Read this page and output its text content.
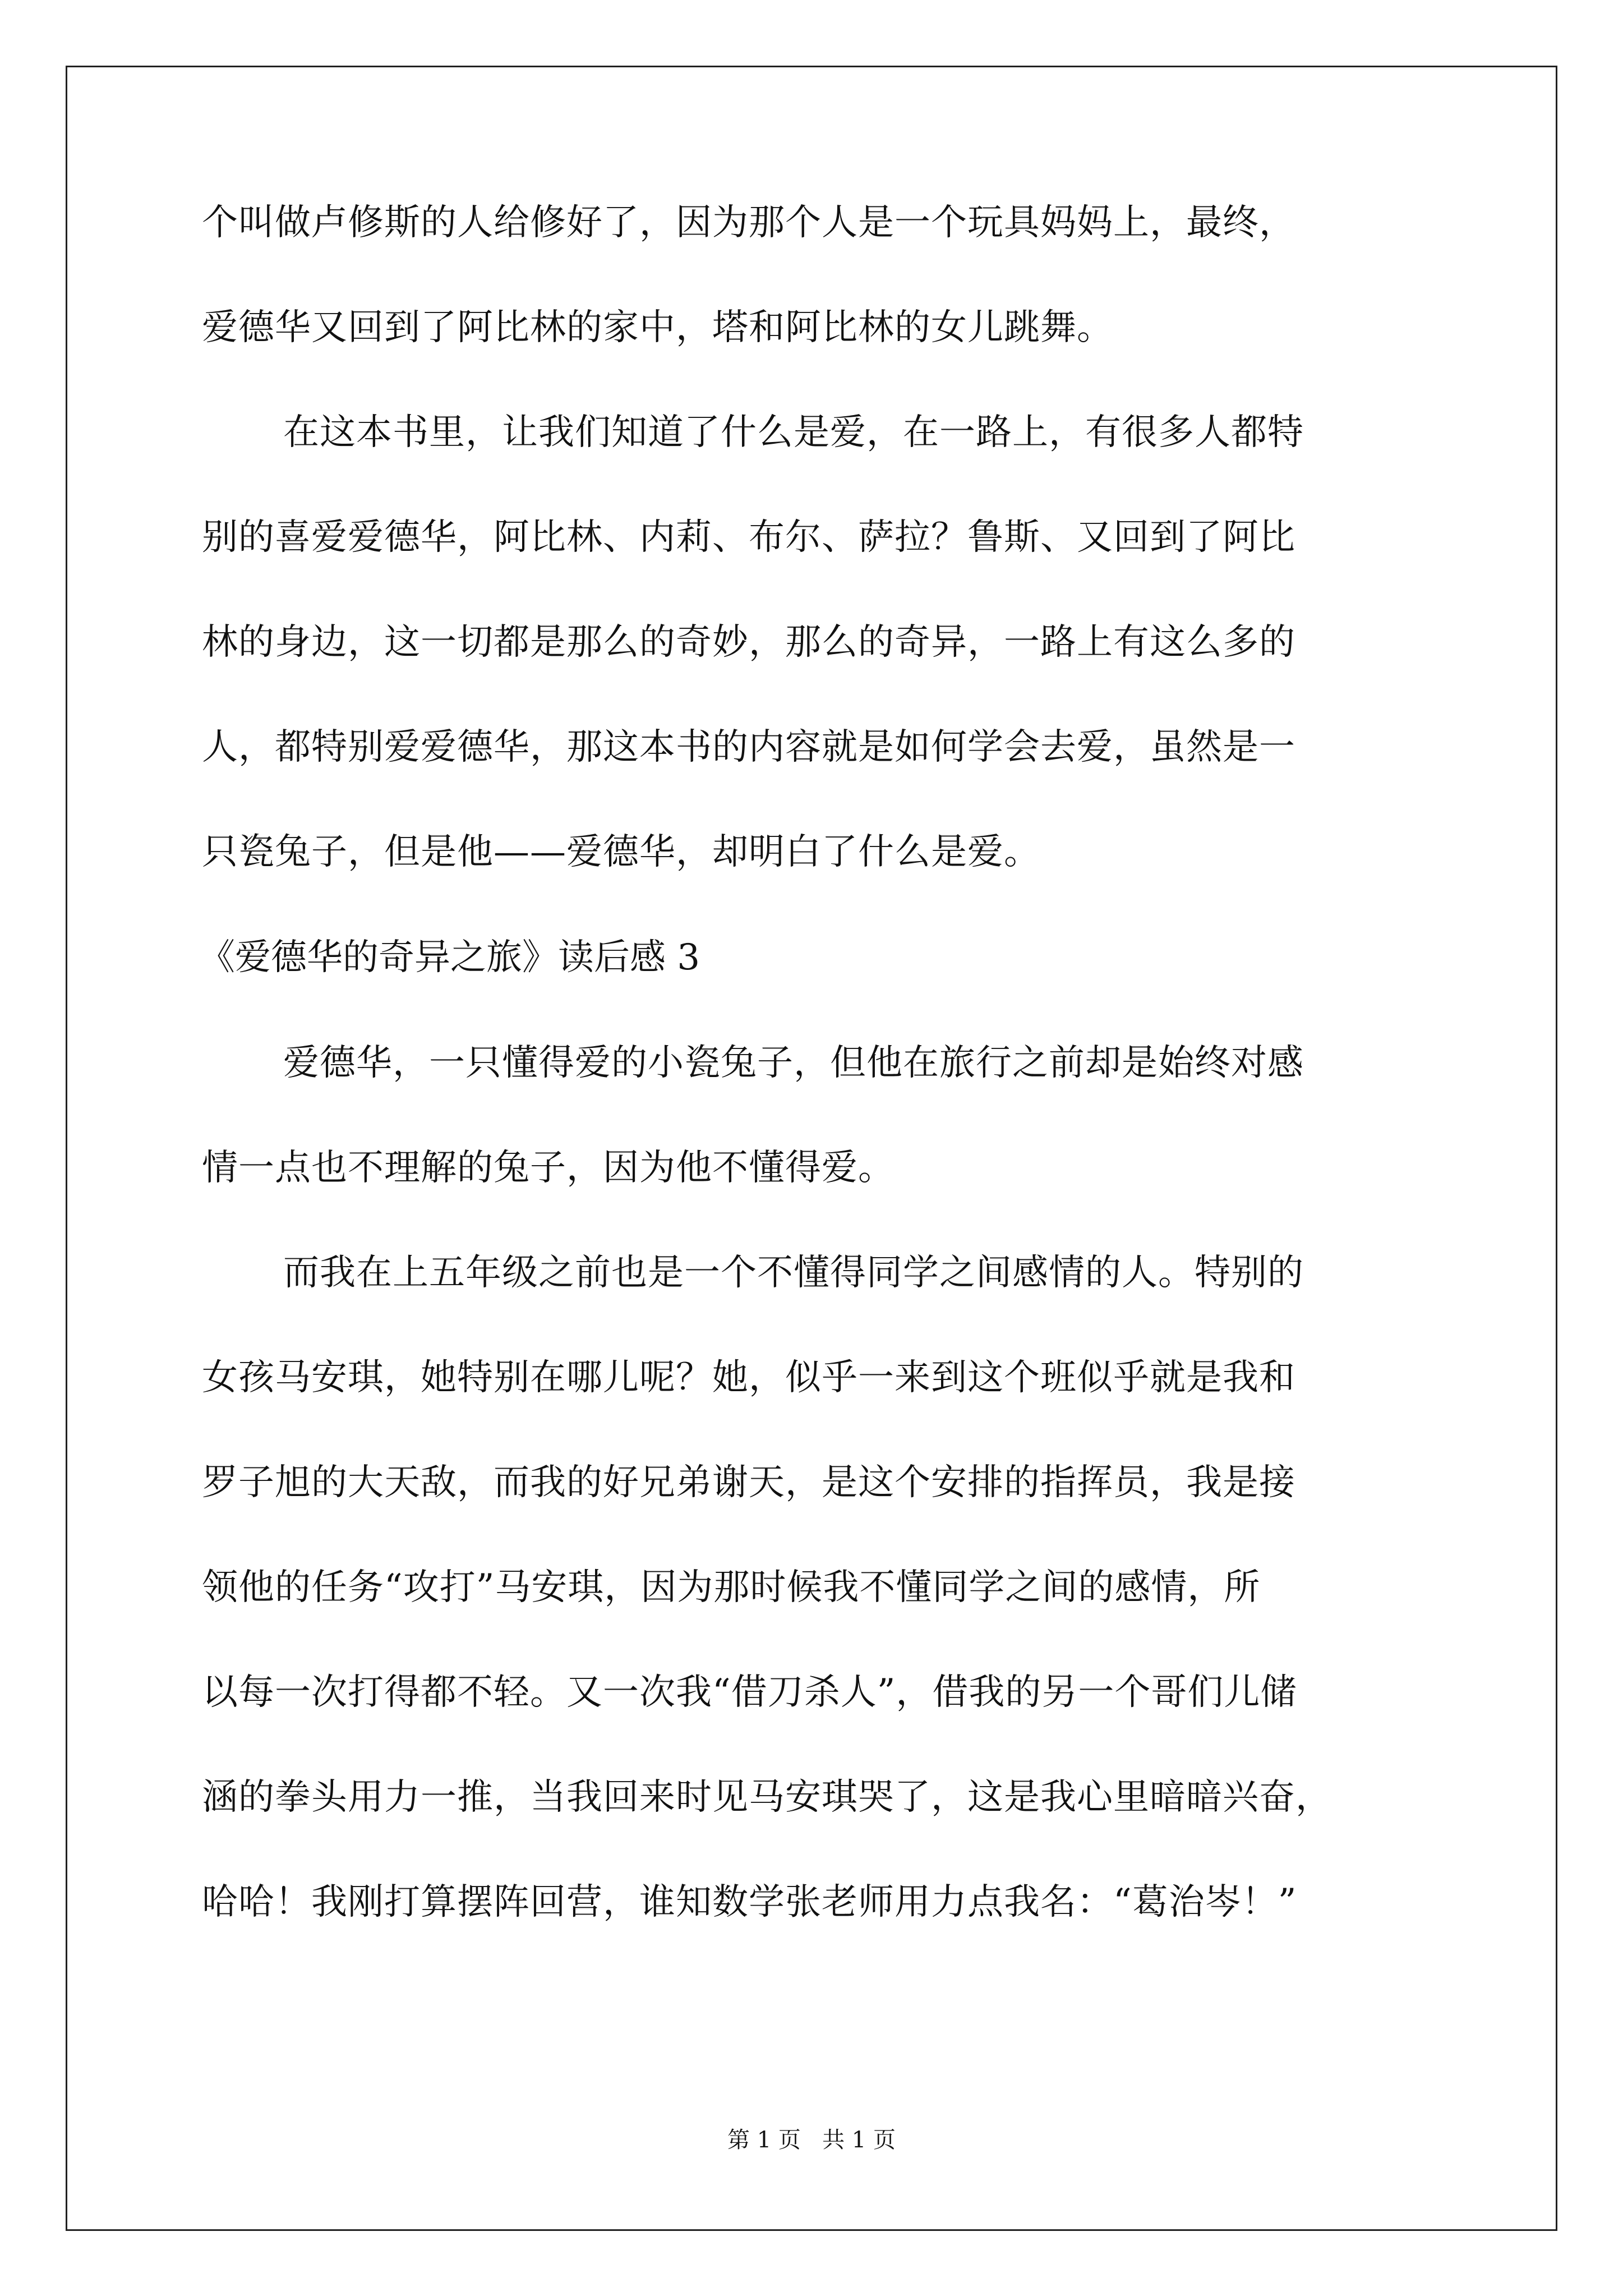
个叫做卢修斯的人给修好了，因为那个人是一个玩具妈妈上，最终，

爱德华又回到了阿比林的家中，塔和阿比林的女儿跳舞。

在这本书里，让我们知道了什么是爱，在一路上，有很多人都特

别的喜爱爱德华，阿比林、内莉、布尔、萨拉？鲁斯、又回到了阿比

林的身边，这一切都是那么的奇妙，那么的奇异，一路上有这么多的

人，都特别爱爱德华，那这本书的内容就是如何学会去爱，虽然是一

只瓷兔子，但是他——爱德华，却明白了什么是爱。

《爱德华的奇异之旅》读后感 3

爱德华，一只懂得爱的小瓷兔子，但他在旅行之前却是始终对感

情一点也不理解的兔子，因为他不懂得爱。

而我在上五年级之前也是一个不懂得同学之间感情的人。特别的

女孩马安琪，她特别在哪儿呢？她，似乎一来到这个班似乎就是我和

罗子旭的大天敌，而我的好兄弟谢天，是这个安排的指挥员，我是接

领他的任务“攻打”马安琪，因为那时候我不懂同学之间的感情，所

以每一次打得都不轻。又一次我“借刀杀人”，借我的另一个哥们儿储

涵的拳头用力一推，当我回来时见马安琪哭了，这是我心里暗暗兴奋，

哈哈！我刚打算摆阵回营，谁知数学张老师用力点我名：“葛治岑！”

第 1 页   共 1 页
